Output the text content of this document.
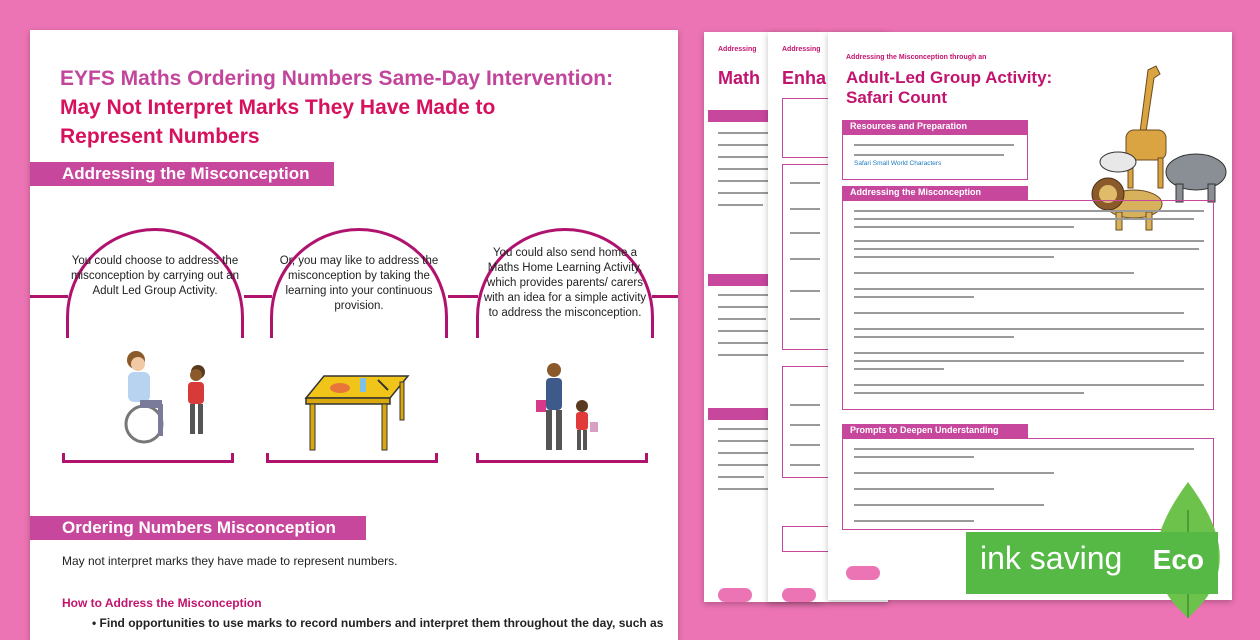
Addressing
Math
Addressing
Enha
Addressing the Misconception through an
Adult-Led Group Activity:
Safari Count
Resources and Preparation
Safari Small World Characters
Addressing the Misconception
Prompts to Deepen Understanding
EYFS Maths Ordering Numbers Same-Day Intervention:
May Not Interpret Marks They Have Made to
Represent Numbers
Addressing the Misconception
You could choose to address the misconception by carrying out an Adult Led Group Activity.
Or, you may like to address the misconception by taking the learning into your continuous provision.
You could also send home a Maths Home Learning Activity, which provides parents/ carers with an idea for a simple activity to address the misconception.
Ordering Numbers Misconception
May not interpret marks they have made to represent numbers.
How to Address the Misconception
• Find opportunities to use marks to record numbers and interpret them throughout the day, such as
ink saving Eco
